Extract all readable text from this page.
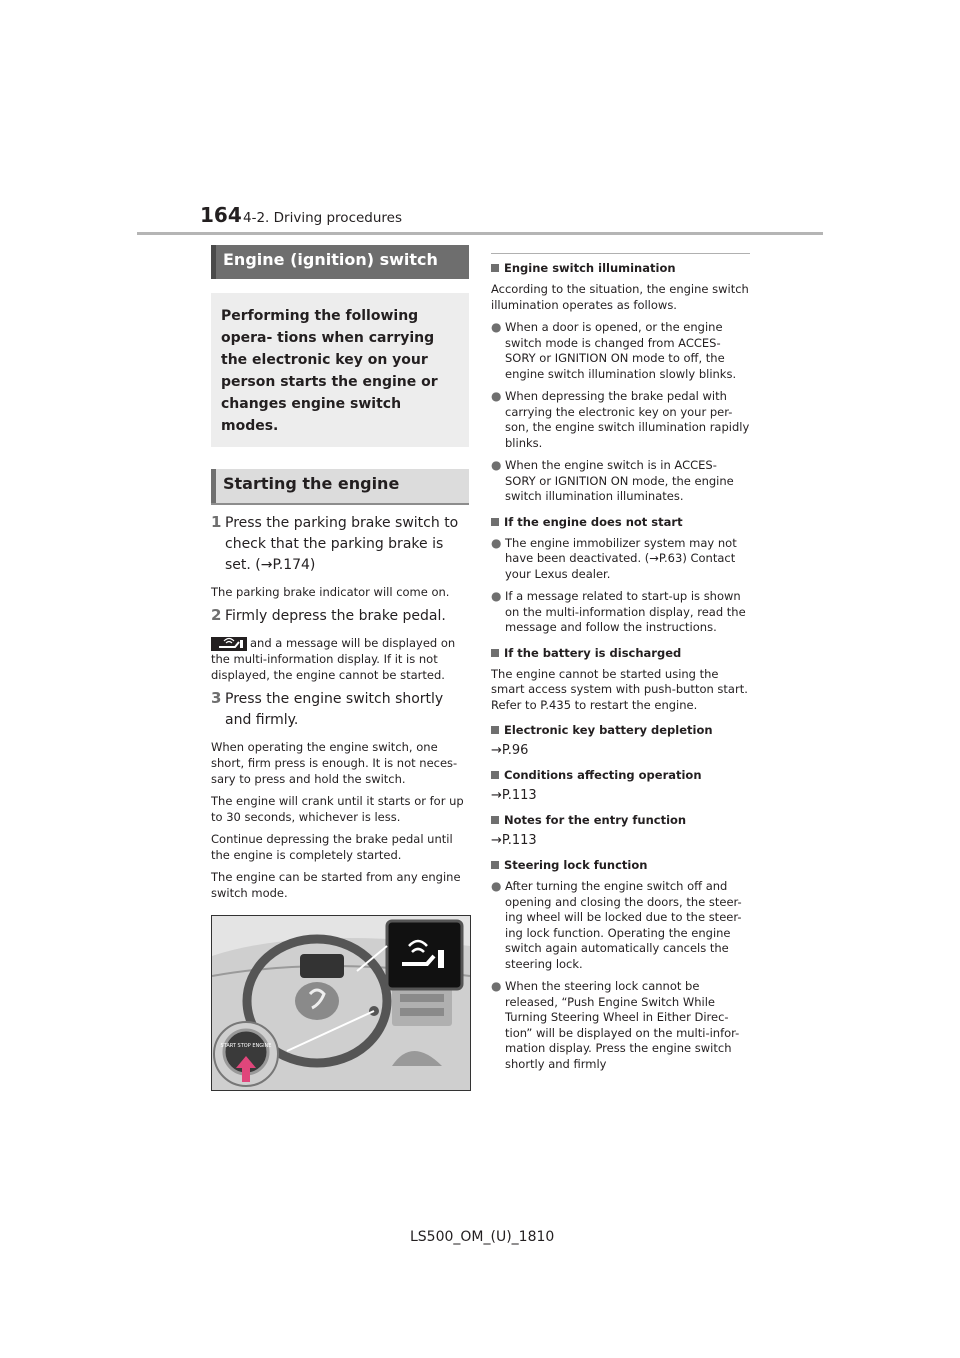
164 4-2. Driving procedures
Engine (ignition) switch
Performing the following opera- tions when carrying the electronic key on your person starts the engine or changes engine switch modes.
Starting the engine
1 Press the parking brake switch to check that the parking brake is set. (→P.174)

The parking brake indicator will come on.

2 Firmly depress the brake pedal.

and a message will be displayed on the multi-information display. If it is not displayed, the engine cannot be started.

3 Press the engine switch shortly and firmly.

When operating the engine switch, one short, firm press is enough. It is not neces- sary to press and hold the switch.

The engine will crank until it starts or for up to 30 seconds, whichever is less.

Continue depressing the brake pedal until the engine is completely started.

The engine can be started from any engine switch mode.

START STOP ENGINE
Engine switch illumination
According to the situation, the engine switch illumination operates as follows.
● When a door is opened, or the engine switch mode is changed from ACCES- SORY or IGNITION ON mode to off, the engine switch illumination slowly blinks.
● When depressing the brake pedal with carrying the electronic key on your per- son, the engine switch illumination rapidly blinks.
● When the engine switch is in ACCES- SORY or IGNITION ON mode, the engine switch illumination illuminates.
If the engine does not start
● The engine immobilizer system may not have been deactivated. (→P.63) Contact your Lexus dealer.
● If a message related to start-up is shown on the multi-information display, read the message and follow the instructions.
If the battery is discharged
The engine cannot be started using the smart access system with push-button start. Refer to P.435 to restart the engine.
Electronic key battery depletion
→P.96
Conditions affecting operation
→P.113
Notes for the entry function
→P.113
Steering lock function
● After turning the engine switch off and opening and closing the doors, the steer- ing wheel will be locked due to the steer- ing lock function. Operating the engine switch again automatically cancels the steering lock.
● When the steering lock cannot be released, “Push Engine Switch While Turning Steering Wheel in Either Direc- tion” will be displayed on the multi-infor- mation display. Press the engine switch shortly and firmly
LS500_OM_(U)_1810
